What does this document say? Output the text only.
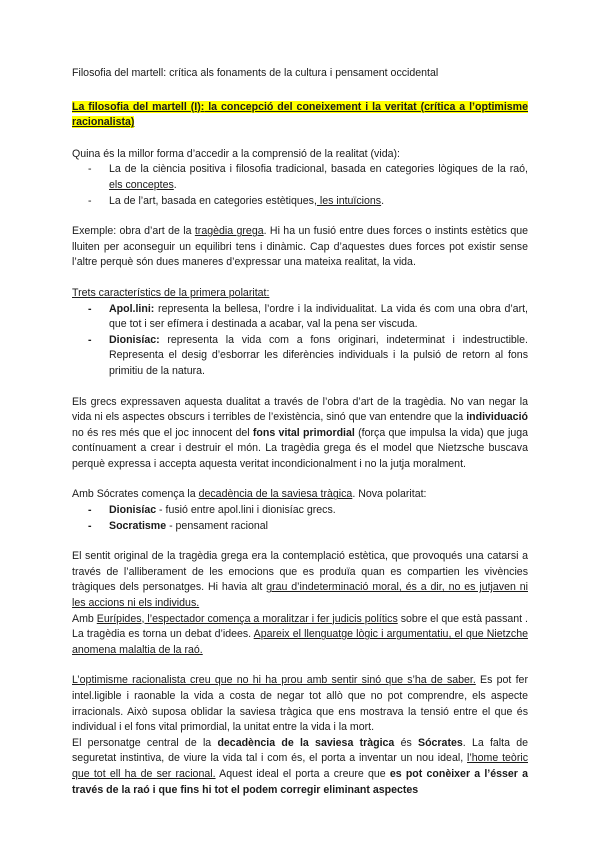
Filosofia del martell: crítica als fonaments de la cultura i pensament occidental

La filosofia del martell (I): la concepció del coneixement i la veritat (crítica a l’optimisme racionalista)

Quina és la millor forma d’accedir a la comprensió de la realitat (vida):

- La de la ciència positiva i filosofia tradicional, basada en categories lògiques de la raó, els conceptes.
- La de l’art, basada en categories estètiques, les intuïcions.

Exemple: obra d’art de la tragèdia grega. Hi ha un fusió entre dues forces o instints estètics que lluiten per aconseguir un equilibri tens i dinàmic. Cap d’aquestes dues forces pot existir sense l’altre perquè són dues maneres d’expressar una mateixa realitat, la vida.

Trets característics de la primera polaritat:

- Apol.lini: representa la bellesa, l’ordre i la individualitat. La vida és com una obra d’art, que tot i ser efímera i destinada a acabar, val la pena ser viscuda.
- Dionisíac: representa la vida com a fons originari, indeterminat i indestructible. Representa el desig d’esborrar les diferències individuals i la pulsió de retorn al fons primitiu de la natura.

Els grecs expressaven aquesta dualitat a través de l’obra d’art de la tragèdia. No van negar la vida ni els aspectes obscurs i terribles de l’existència, sinó que van entendre que la individuació no és res més que el joc innocent del fons vital primordial (força que impulsa la vida) que juga contínuament a crear i destruir el món. La tragèdia grega és el model que Nietzsche buscava perquè expressa i accepta aquesta veritat incondicionalment i no la jutja moralment.

Amb Sócrates comença la decadència de la saviesa tràgica. Nova polaritat:

- Dionisíac - fusió entre apol.lini i dionisíac grecs.
- Socratisme - pensament racional

El sentit original de la tragèdia grega era la contemplació estètica, que provoqués una catarsi a través de l’alliberament de les emocions que es produïa quan es compartien les vivències tràgiques dels personatges. Hi havia alt grau d’indeterminació moral, és a dir, no es jutjaven ni les accions ni els individus.

Amb Eurípides, l’espectador comença a moralitzar i fer judicis polítics sobre el que està passant . La tragèdia es torna un debat d’idees. Apareix el llenguatge lògic i argumentatiu, el que Nietzche anomena malaltia de la raó.

L’optimisme racionalista creu que no hi ha prou amb sentir sinó que s’ha de saber. Es pot fer intel.ligible i raonable la vida a costa de negar tot allò que no pot comprendre, els aspecte irracionals. Això suposa oblidar la saviesa tràgica que ens mostrava la tensió entre el que és individual i el fons vital primordial, la unitat entre la vida i la mort.

El personatge central de la decadència de la saviesa tràgica és Sócrates. La falta de seguretat instintiva, de viure la vida tal i com és, el porta a inventar un nou ideal, l’home teòric que tot ell ha de ser racional. Aquest ideal el porta a creure que es pot conèixer a l’ésser a través de la raó i que fins hi tot el podem corregir eliminant aspectes
